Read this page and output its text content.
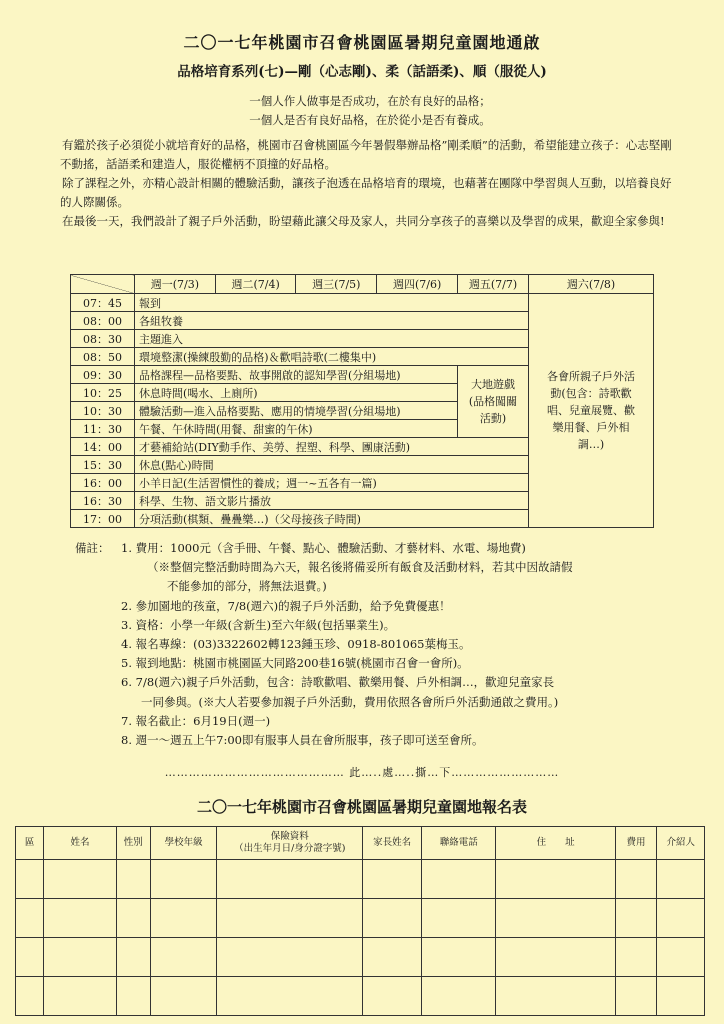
二〇一七年桃園市召會桃園區暑期兒童園地通啟
品格培育系列(七)—剛（心志剛)、柔（話語柔)、順（服從人)

一個人作人做事是否成功，在於有良好的品格；

一個人是否有良好品格，在於從小是否有養成。

有鑑於孩子必須從小就培育好的品格，桃園市召會桃園區今年暑假舉辦品格”剛柔順”的活動，希望能建立孩子：心志堅剛不動搖，話語柔和建造人，服從權柄不頂撞的好品格。

除了課程之外，亦精心設計相關的體驗活動，讓孩子泡透在品格培育的環境，也藉著在團隊中學習與人互動，以培養良好的人際關係。

在最後一天，我們設計了親子戶外活動，盼望藉此讓父母及家人，共同分享孩子的喜樂以及學習的成果，歡迎全家參與!

	週一(7/3)	週二(7/4)	週三(7/5)	週四(7/6)	週五(7/7)	週六(7/8)
07：45	報到					各會所親子戶外活動(包含：詩歌歡唱、兒童展覽、歡樂用餐、戶外相調…)
08：00	各組牧養					
08：30	主題進入					
08：50	環境整潔(操練殷勤的品格)＆歡唱詩歌(二樓集中)					
09：30	品格課程—品格要點、故事開啟的認知學習(分組場地)				大地遊戲(品格闖關活動)	
10：25	休息時間(喝水、上廁所)					
10：30	體驗活動—進入品格要點、應用的情境學習(分組場地)					
11：30	午餐、午休時間(用餐、甜蜜的午休)					
14：00	才藝補給站(DIY動手作、美勞、捏塑、科學、團康活動)					
15：30	休息(點心)時間					
16：00	小羊日記(生活習慣性的養成；週一~五各有一篇)					
16：30	科學、生物、語文影片播放					
17：00	分項活動(棋類、疊疊樂…)（父母接孩子時間)					
備註：	1. 費用：1000元（含手冊、午餐、點心、體驗活動、才藝材料、水電、場地費)
（※整個完整活動時間為六天，報名後將備妥所有飯食及活動材料，若其中因故請假
不能參加的部分，將無法退費。)
2. 參加園地的孩童，7/8(週六)的親子戶外活動，給予免費優惠！
3. 資格：小學一年級(含新生)至六年級(包括畢業生)。
4. 報名專線：(03)3322602轉123鍾玉珍、0918-801065葉梅玉。
5. 報到地點：桃園市桃園區大同路200巷16號(桃園市召會一會所)。
6. 7/8(週六)親子戶外活動，包含：詩歌歡唱、歡樂用餐、戶外相調…，歡迎兒童家長
一同參與。(※大人若要參加親子戶外活動，費用依照各會所戶外活動通啟之費用。)
7. 報名截止：6月19日(週一)
8. 週一～週五上午7:00即有服事人員在會所服事，孩子即可送至會所。
……………………………………… 此…..處…..撕…下………………………
二〇一七年桃園市召會桃園區暑期兒童園地報名表
區	姓名	性別	學校年級	保險資料
（出生年月日/身分證字號)	家長姓名	聯絡電話	住　　址	費用	介紹人
